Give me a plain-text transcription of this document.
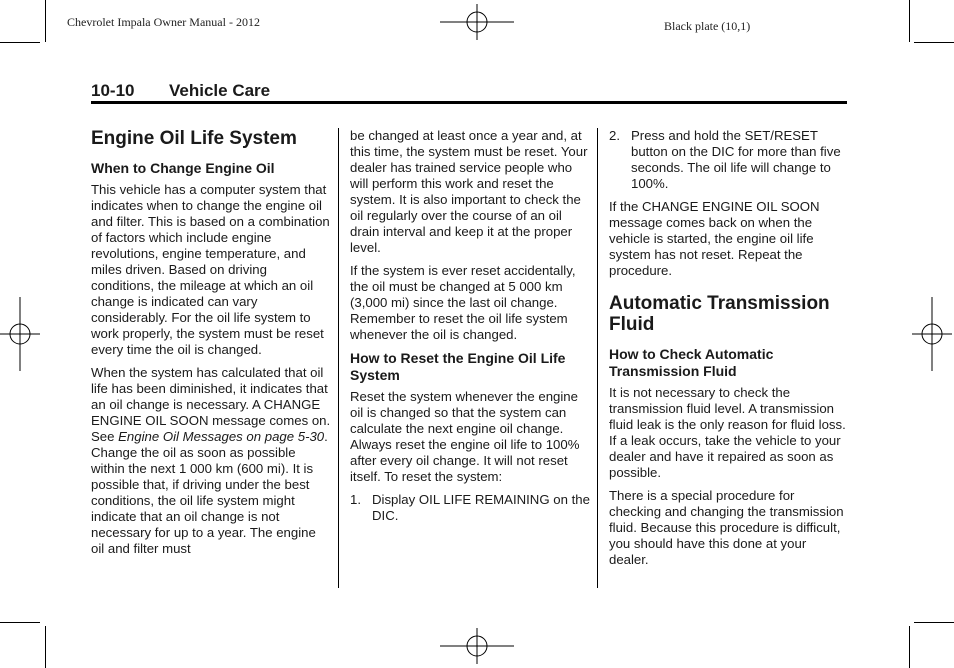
Chevrolet Impala Owner Manual - 2012	Black plate (10,1)
10-10 Vehicle Care
Engine Oil Life System
When to Change Engine Oil

This vehicle has a computer system that indicates when to change the engine oil and filter. This is based on a combination of factors which include engine revolutions, engine temperature, and miles driven. Based on driving conditions, the mileage at which an oil change is indicated can vary considerably. For the oil life system to work properly, the system must be reset every time the oil is changed.

When the system has calculated that oil life has been diminished, it indicates that an oil change is necessary. A CHANGE ENGINE OIL SOON message comes on. See Engine Oil Messages on page 5-30. Change the oil as soon as possible within the next 1 000 km (600 mi). It is possible that, if driving under the best conditions, the oil life system might indicate that an oil change is not necessary for up to a year. The engine oil and filter must

be changed at least once a year and, at this time, the system must be reset. Your dealer has trained service people who will perform this work and reset the system. It is also important to check the oil regularly over the course of an oil drain interval and keep it at the proper level.

If the system is ever reset accidentally, the oil must be changed at 5 000 km (3,000 mi) since the last oil change. Remember to reset the oil life system whenever the oil is changed.

How to Reset the Engine Oil Life System

Reset the system whenever the engine oil is changed so that the system can calculate the next engine oil change. Always reset the engine oil life to 100% after every oil change. It will not reset itself. To reset the system:

1. Display OIL LIFE REMAINING on the DIC.
2. Press and hold the SET/RESET button on the DIC for more than five seconds. The oil life will change to 100%.

If the CHANGE ENGINE OIL SOON message comes back on when the vehicle is started, the engine oil life system has not reset. Repeat the procedure.

Automatic Transmission Fluid
How to Check Automatic Transmission Fluid

It is not necessary to check the transmission fluid level. A transmission fluid leak is the only reason for fluid loss. If a leak occurs, take the vehicle to your dealer and have it repaired as soon as possible.

There is a special procedure for checking and changing the transmission fluid. Because this procedure is difficult, you should have this done at your dealer.
